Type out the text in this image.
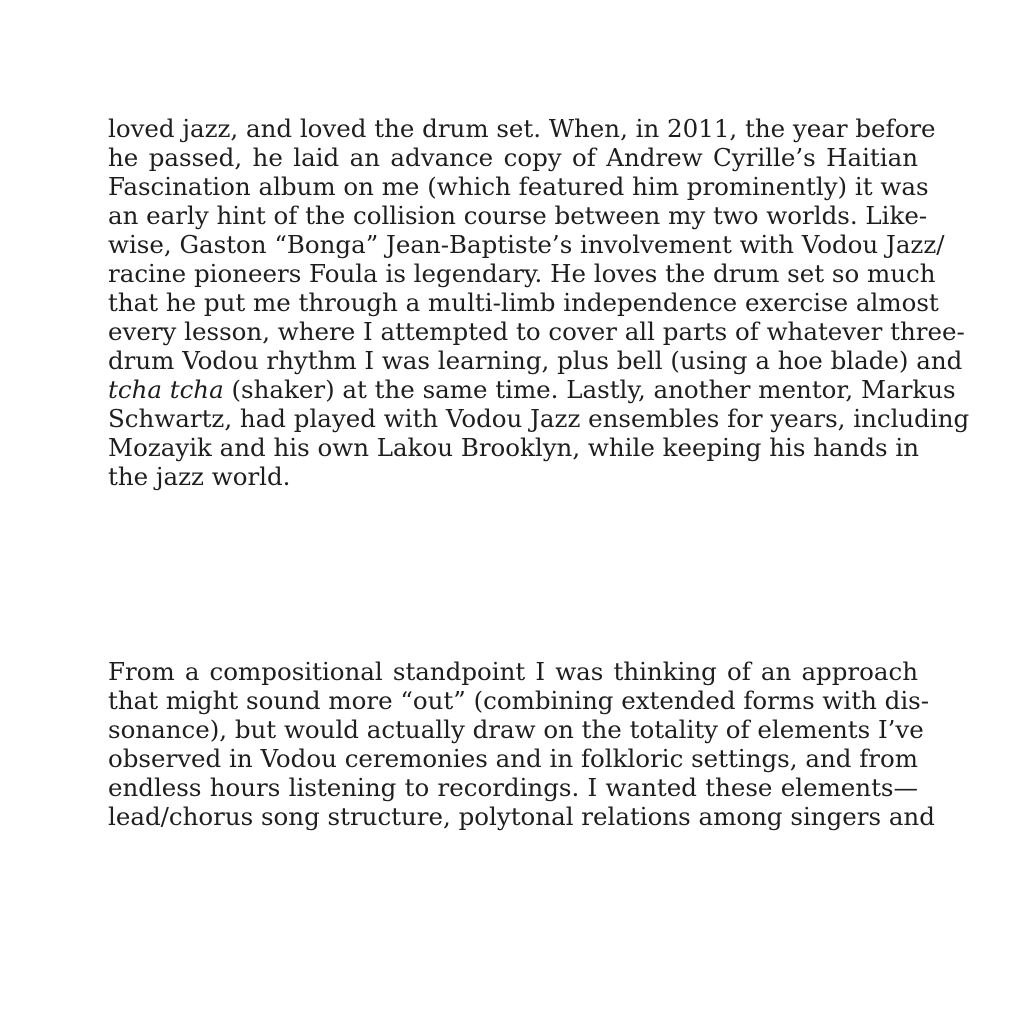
loved jazz, and loved the drum set. When, in 2011, the year before
he passed, he laid an advance copy of Andrew Cyrille’s Haitian
Fascination album on me (which featured him prominently) it was
an early hint of the collision course between my two worlds. Like-
wise, Gaston “Bonga” Jean-Baptiste’s involvement with Vodou Jazz/
racine pioneers Foula is legendary. He loves the drum set so much
that he put me through a multi-limb independence exercise almost
every lesson, where I attempted to cover all parts of whatever three-
drum Vodou rhythm I was learning, plus bell (using a hoe blade) and
tcha tcha (shaker) at the same time. Lastly, another mentor, Markus
Schwartz, had played with Vodou Jazz ensembles for years, including
Mozayik and his own Lakou Brooklyn, while keeping his hands in
the jazz world.
From a compositional standpoint I was thinking of an approach
that might sound more “out” (combining extended forms with dis-
sonance), but would actually draw on the totality of elements I’ve
observed in Vodou ceremonies and in folkloric settings, and from
endless hours listening to recordings. I wanted these elements—
lead/chorus song structure, polytonal relations among singers and
